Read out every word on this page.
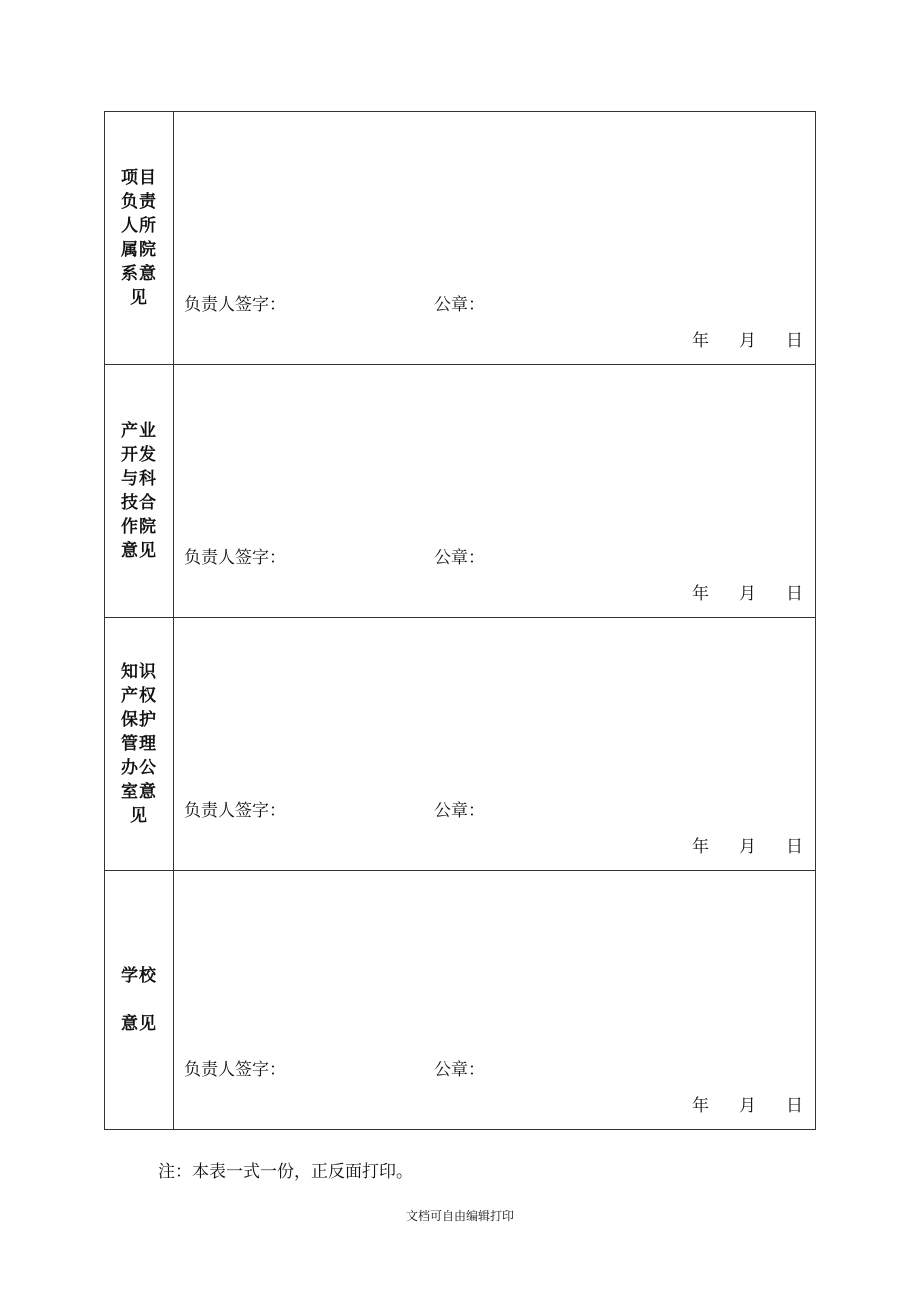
项目
负责
人所
属院
系意
见	负责人签字：	公章：
年 月 日
产业
开发
与科
技合
作院
意见 负责人签字：	公章：
年 月 日
知识
产权
保护
管理
办公
室意
见	负责人签字：	公章：
年 月 日
学校
意见
负责人签字：	公章：
年 月 日
注：本表一式一份，正反面打印。
文档可自由编辑打印
